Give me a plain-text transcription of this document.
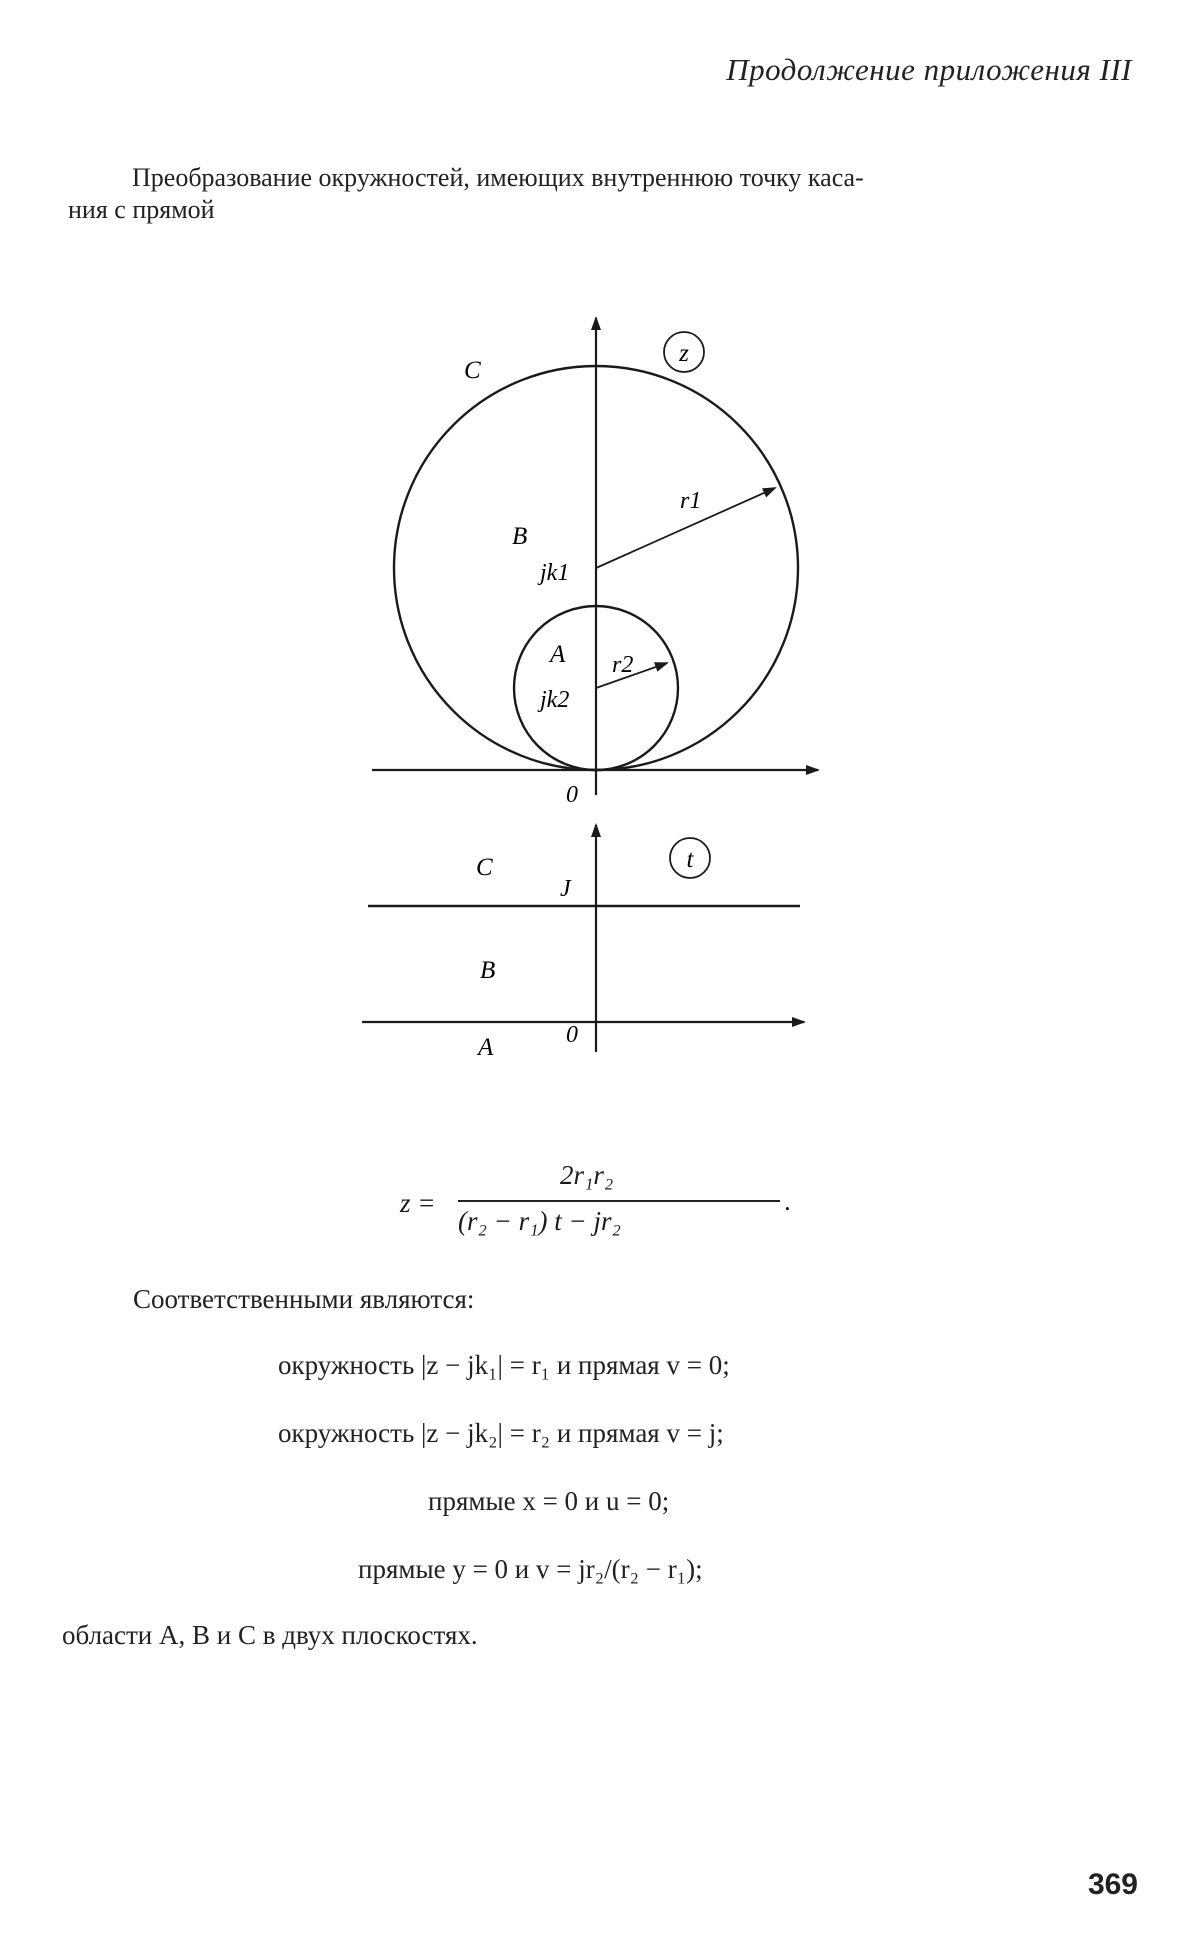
Продолжение приложения III
Преобразование окружностей, имеющих внутреннюю точку каса-
ния с прямой
z
C
B
A
jk1
jk2
r1
r2
0
t
C
B
A
J
0
z =
2r₁r₂
(r₂ − r₁) t − jr₂
.
Соответственными являются:
окружность |z − jk₁| = r₁ и прямая v = 0;
окружность |z − jk₂| = r₂ и прямая v = j;
прямые x = 0 и u = 0;
прямые y = 0 и v = jr₂/(r₂ − r₁);
области A, B и C в двух плоскостях.
369
